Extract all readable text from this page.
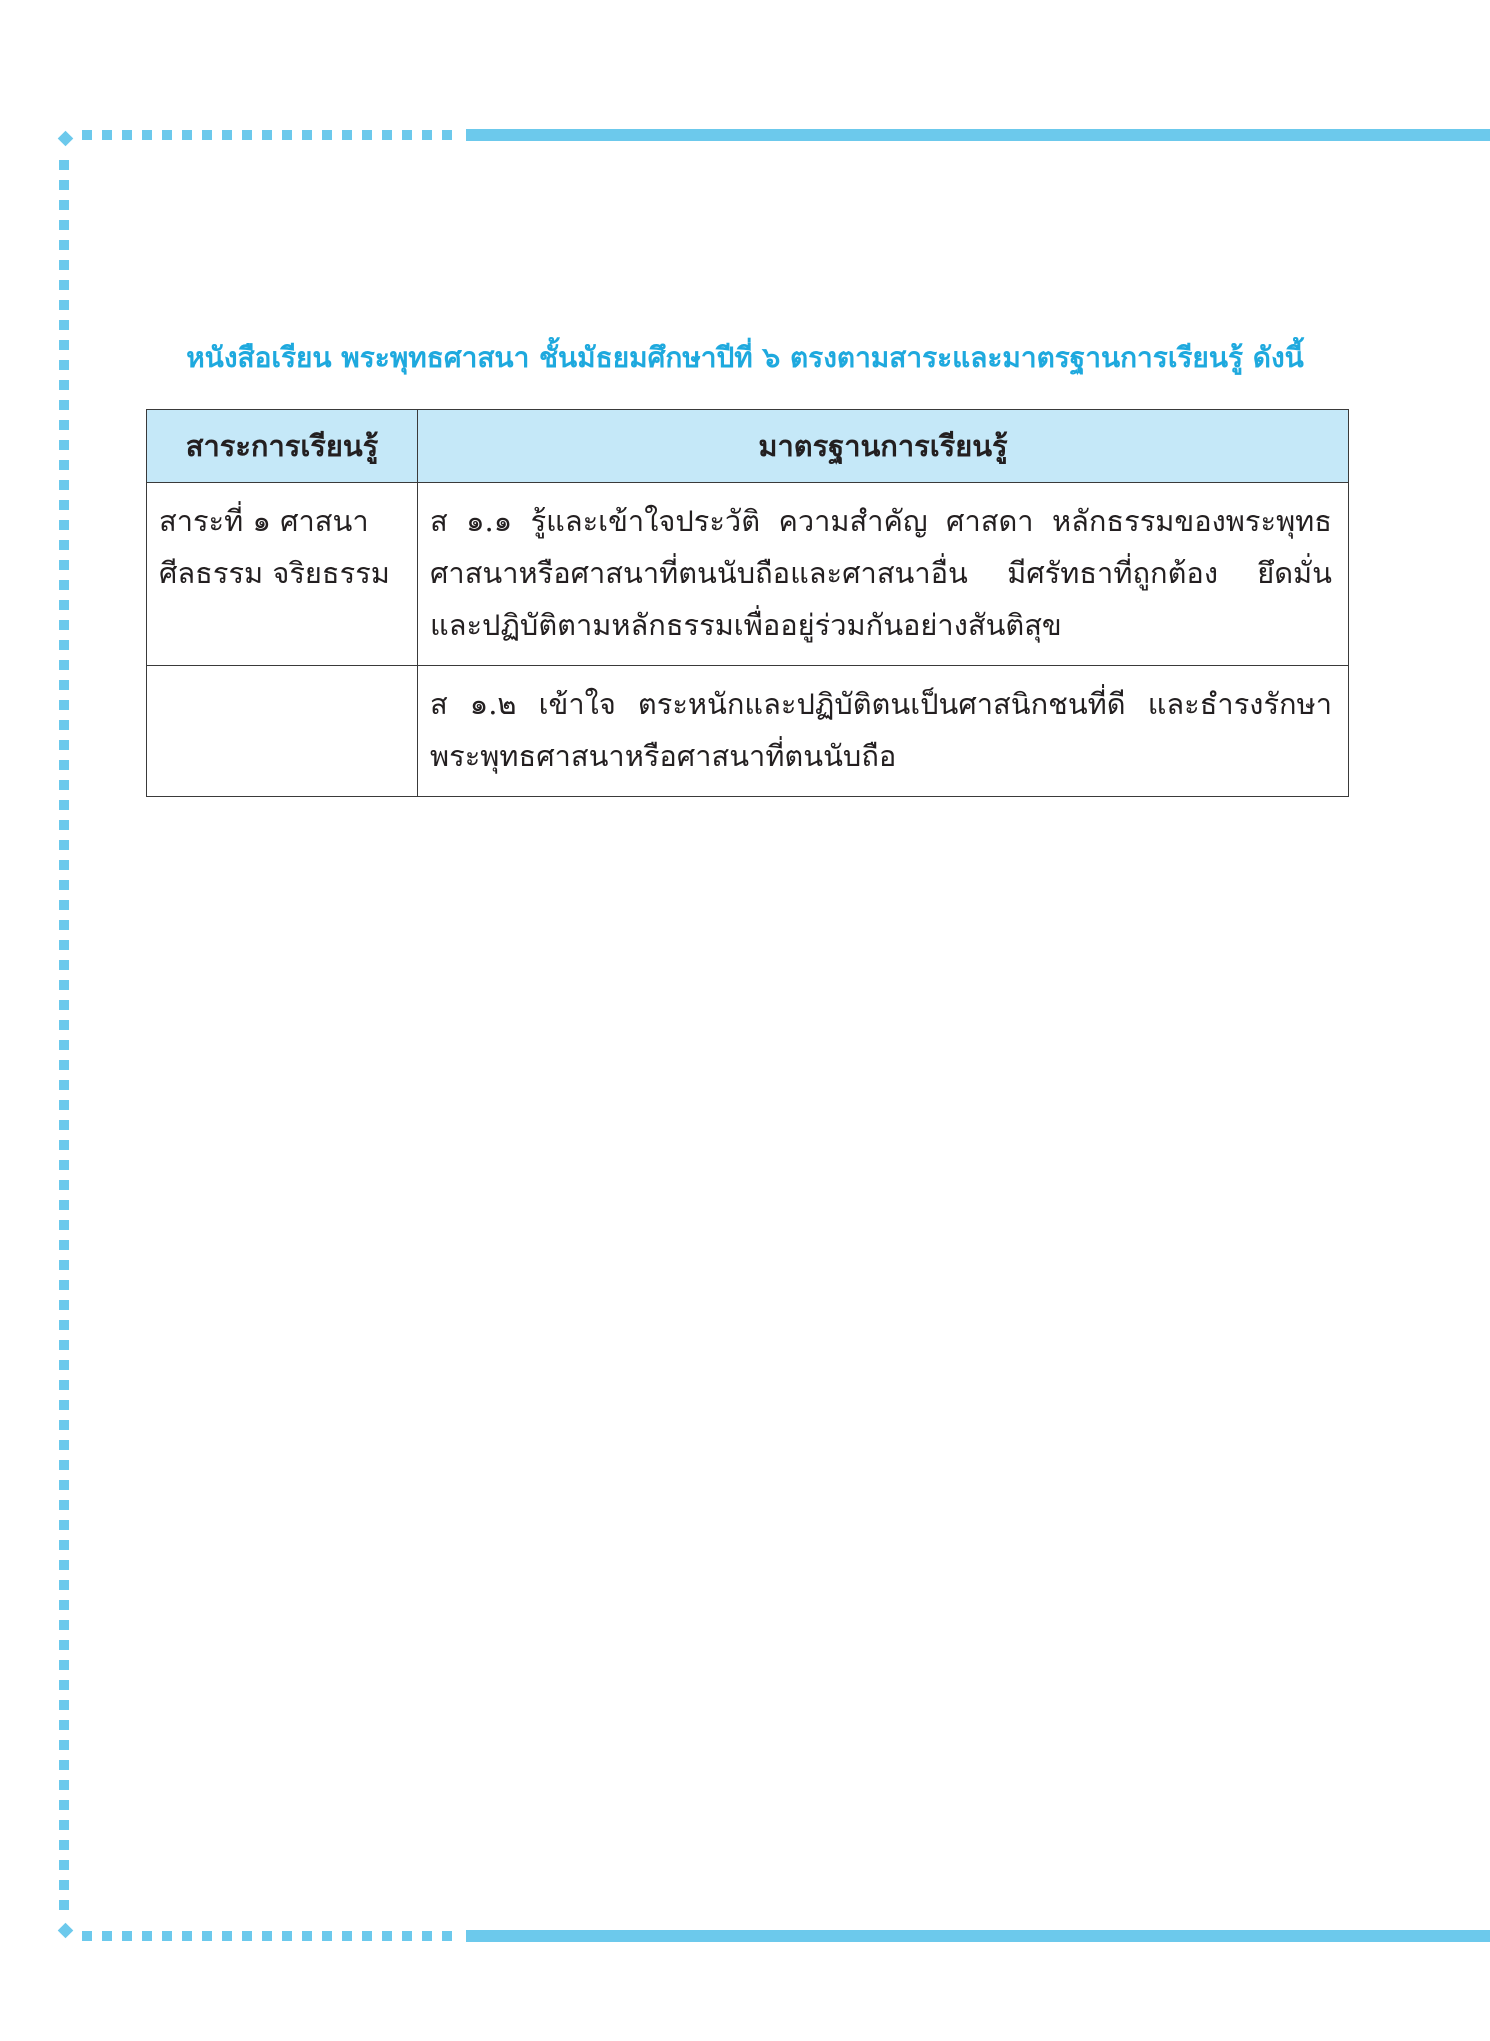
หนังสือเรียน พระพุทธศาสนา ชั้นมัธยมศึกษาปีที่ ๖ ตรงตามสาระและมาตรฐานการเรียนรู้ ดังนี้
สาระการเรียนรู้	มาตรฐานการเรียนรู้
สาระที่ ๑ ศาสนา ศีลธรรม จริยธรรม	ส ๑.๑ รู้และเข้าใจประวัติ ความสำคัญ ศาสดา หลักธรรมของพระพุทธศาสนาหรือศาสนาที่ตนนับถือและศาสนาอื่น มีศรัทธาที่ถูกต้อง ยึดมั่น และปฏิบัติตามหลักธรรมเพื่ออยู่ร่วมกันอย่างสันติสุข
	ส ๑.๒ เข้าใจ ตระหนักและปฏิบัติตนเป็นศาสนิกชนที่ดี และธำรงรักษาพระพุทธศาสนาหรือศาสนาที่ตนนับถือ
